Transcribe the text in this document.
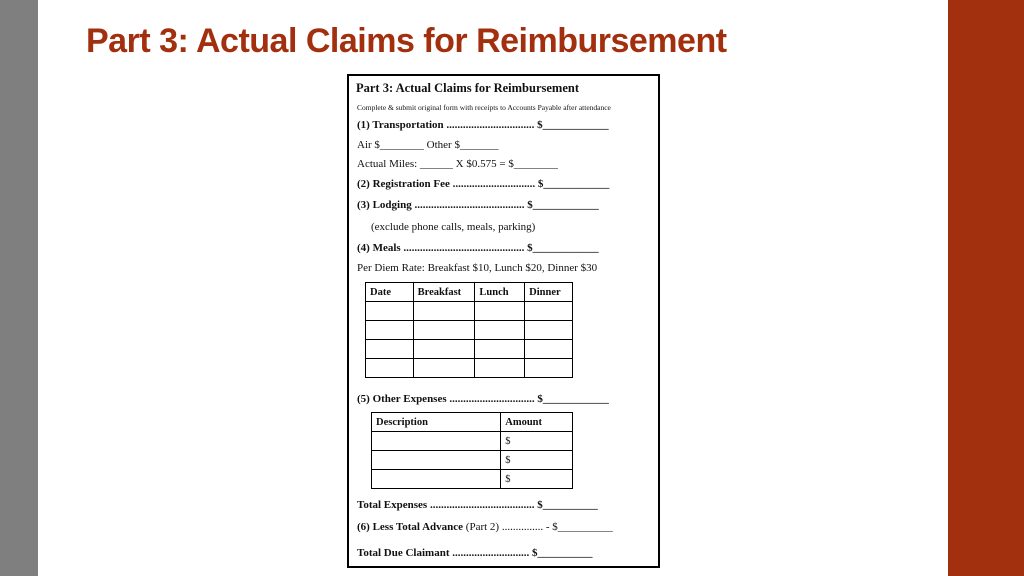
Part 3: Actual Claims for Reimbursement
Part 3: Actual Claims for Reimbursement
Complete & submit original form with receipts to Accounts Payable after attendance
(1) Transportation ................................ $____________
Air $________ Other $_______
Actual Miles: ______ X $0.575 = $________
(2) Registration Fee .............................. $____________
(3) Lodging ........................................ $____________
(exclude phone calls, meals, parking)
(4) Meals ............................................ $____________
Per Diem Rate: Breakfast $10, Lunch $20, Dinner $30
Date	Breakfast	Lunch	Dinner

(5) Other Expenses ............................... $____________
Description	Amount
	$
	$
	$
Total Expenses ...................................... $__________
(6) Less Total Advance (Part 2) ............... - $__________
Total Due Claimant ............................ $__________
